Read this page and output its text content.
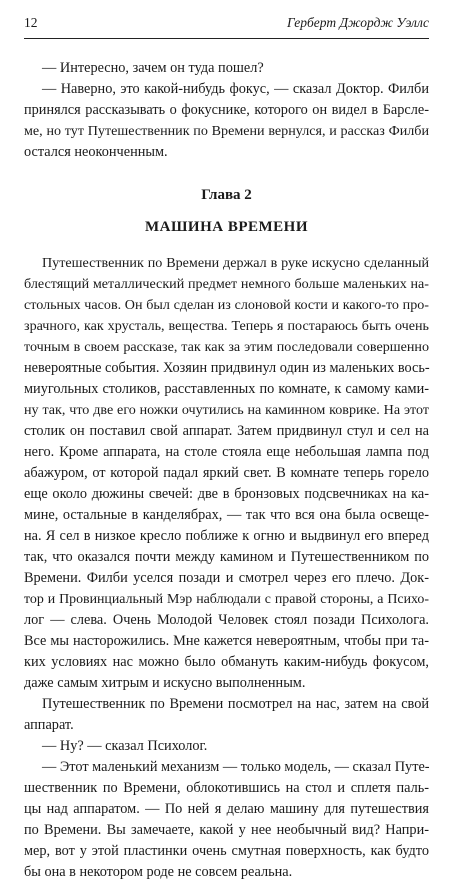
12	Герберт Джордж Уэллс
— Интересно, зачем он туда пошел?
— Наверно, это какой-нибудь фокус, — сказал Доктор. Филби
принялся рассказывать о фокуснике, которого он видел в Барсле-
ме, но тут Путешественник по Времени вернулся, и рассказ Филби
остался неоконченным.
Глава 2
МАШИНА ВРЕМЕНИ
Путешественник по Времени держал в руке искусно сделанный
блестящий металлический предмет немного больше маленьких на-
стольных часов. Он был сделан из слоновой кости и какого-то про-
зрачного, как хрусталь, вещества. Теперь я постараюсь быть очень
точным в своем рассказе, так как за этим последовали совершенно
невероятные события. Хозяин придвинул один из маленьких вось-
миугольных столиков, расставленных по комнате, к самому ками-
ну так, что две его ножки очутились на каминном коврике. На этот
столик он поставил свой аппарат. Затем придвинул стул и сел на
него. Кроме аппарата, на столе стояла еще небольшая лампа под
абажуром, от которой падал яркий свет. В комнате теперь горело
еще около дюжины свечей: две в бронзовых подсвечниках на ка-
мине, остальные в канделябрах, — так что вся она была освеще-
на. Я сел в низкое кресло поближе к огню и выдвинул его вперед
так, что оказался почти между камином и Путешественником по
Времени. Филби уселся позади и смотрел через его плечо. Док-
тор и Провинциальный Мэр наблюдали с правой стороны, а Психо-
лог — слева. Очень Молодой Человек стоял позади Психолога.
Все мы насторожились. Мне кажется невероятным, чтобы при та-
ких условиях нас можно было обмануть каким-нибудь фокусом,
даже самым хитрым и искусно выполненным.
Путешественник по Времени посмотрел на нас, затем на свой
аппарат.
— Ну? — сказал Психолог.
— Этот маленький механизм — только модель, — сказал Путе-
шественник по Времени, облокотившись на стол и сплетя паль-
цы над аппаратом. — По ней я делаю машину для путешествия
по Времени. Вы замечаете, какой у нее необычный вид? Напри-
мер, вот у этой пластинки очень смутная поверхность, как будто
бы она в некотором роде не совсем реальна.
